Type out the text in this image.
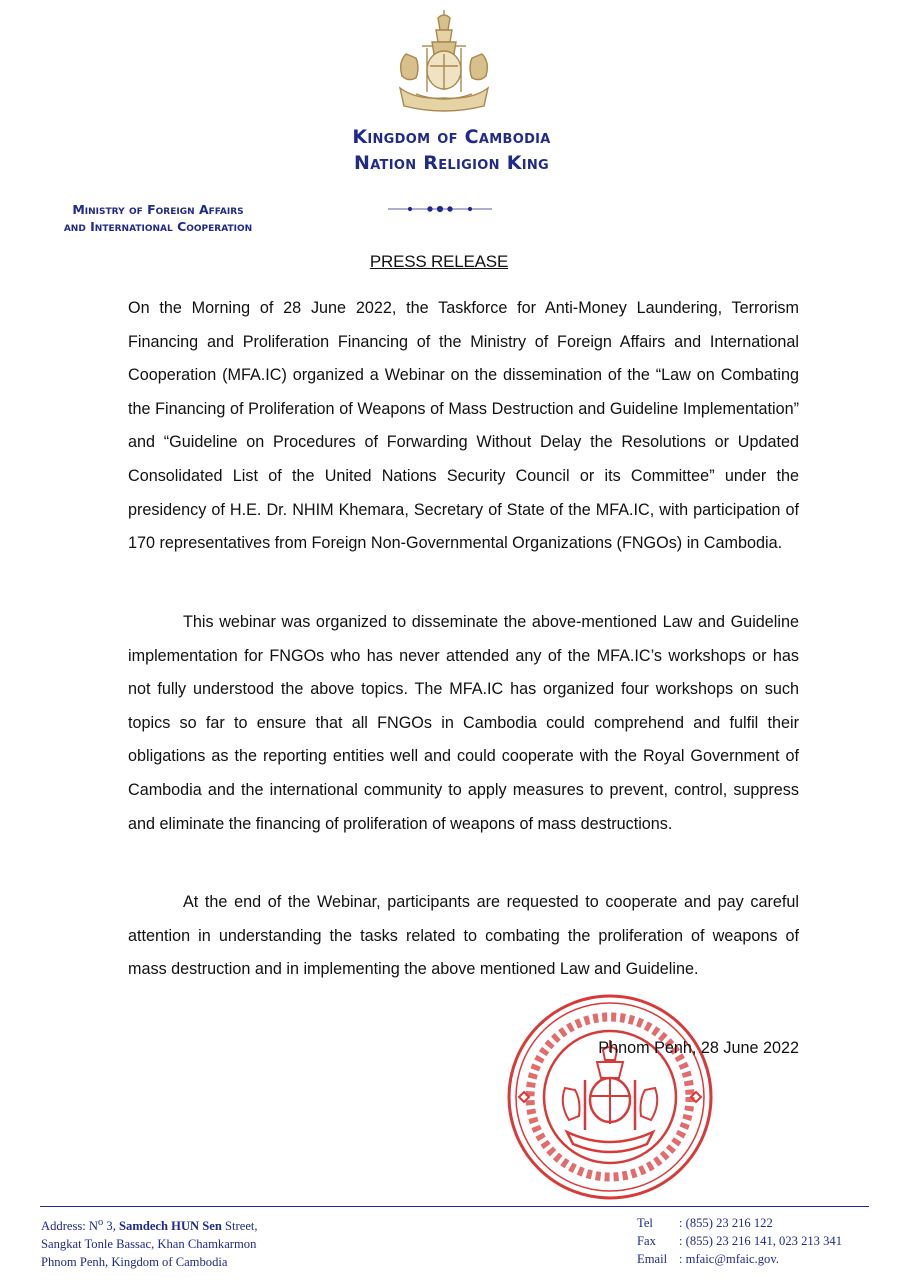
Kingdom of Cambodia
Nation Religion King
Ministry of Foreign Affairs
and International Cooperation
PRESS RELEASE

On the Morning of 28 June 2022, the Taskforce for Anti-Money Laundering, Terrorism Financing and Proliferation Financing of the Ministry of Foreign Affairs and International Cooperation (MFA.IC) organized a Webinar on the dissemination of the “Law on Combating the Financing of Proliferation of Weapons of Mass Destruction and Guideline Implementation” and “Guideline on Procedures of Forwarding Without Delay the Resolutions or Updated Consolidated List of the United Nations Security Council or its Committee” under the presidency of H.E. Dr. NHIM Khemara, Secretary of State of the MFA.IC, with participation of 170 representatives from Foreign Non-Governmental Organizations (FNGOs) in Cambodia.

This webinar was organized to disseminate the above-mentioned Law and Guideline implementation for FNGOs who has never attended any of the MFA.IC’s workshops or has not fully understood the above topics. The MFA.IC has organized four workshops on such topics so far to ensure that all FNGOs in Cambodia could comprehend and fulfil their obligations as the reporting entities well and could cooperate with the Royal Government of Cambodia and the international community to apply measures to prevent, control, suppress and eliminate the financing of proliferation of weapons of mass destructions.

At the end of the Webinar, participants are requested to cooperate and pay careful attention in understanding the tasks related to combating the proliferation of weapons of mass destruction and in implementing the above mentioned Law and Guideline.

Phnom Penh, 28 June 2022
Address: $N^o$ 3, Samdech HUN Sen Street,
Sangkat Tonle Bassac, Khan Chamkarmon
Phnom Penh, Kingdom of Cambodia
Tel	: (855) 23 216 122
Fax	: (855) 23 216 141, 023 213 341
Email : mfaic@mfaic.gov.
